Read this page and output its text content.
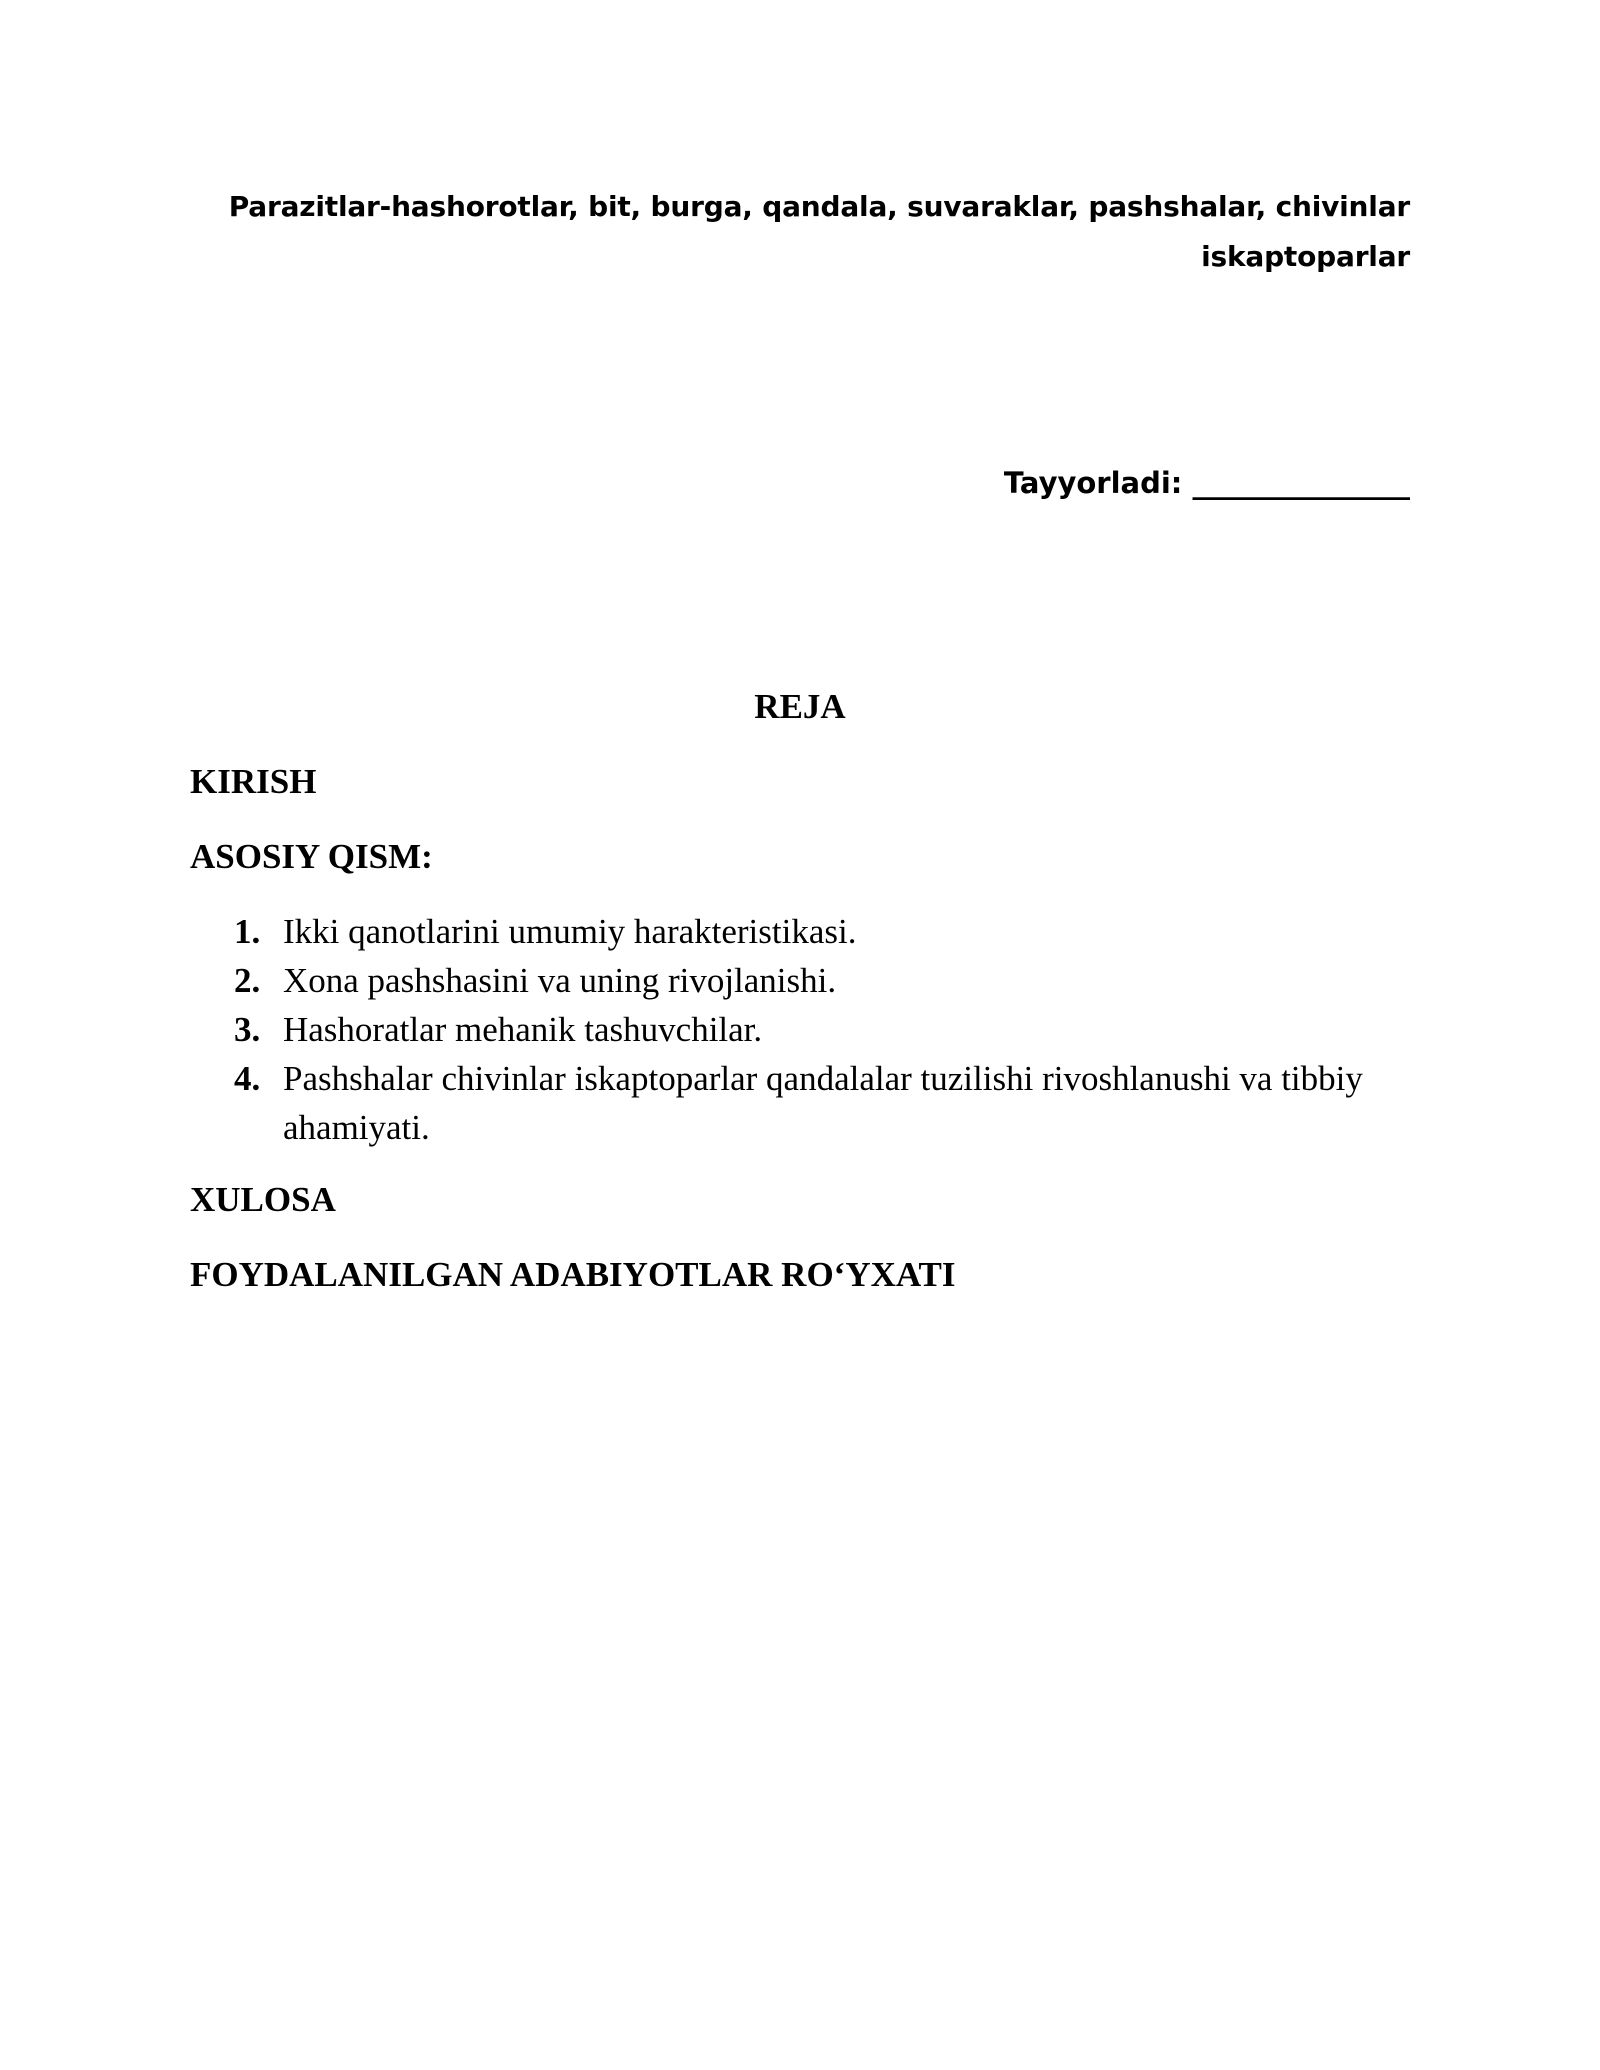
Parazitlar-hashorotlar, bit, burga, qandala, suvaraklar, pashshalar, chivinlar iskaptoparlar
Tayyorladi: _______________
REJA
KIRISH
ASOSIY QISM:
1. Ikki qanotlarini umumiy harakteristikasi.
2. Xona pashshasini va uning rivojlanishi.
3. Hashoratlar mehanik tashuvchilar.
4. Pashshalar chivinlar iskaptoparlar qandalalar tuzilishi rivoshlanushi va tibbiy ahamiyati.
XULOSA
FOYDALANILGAN ADABIYOTLAR RO‘YXATI
